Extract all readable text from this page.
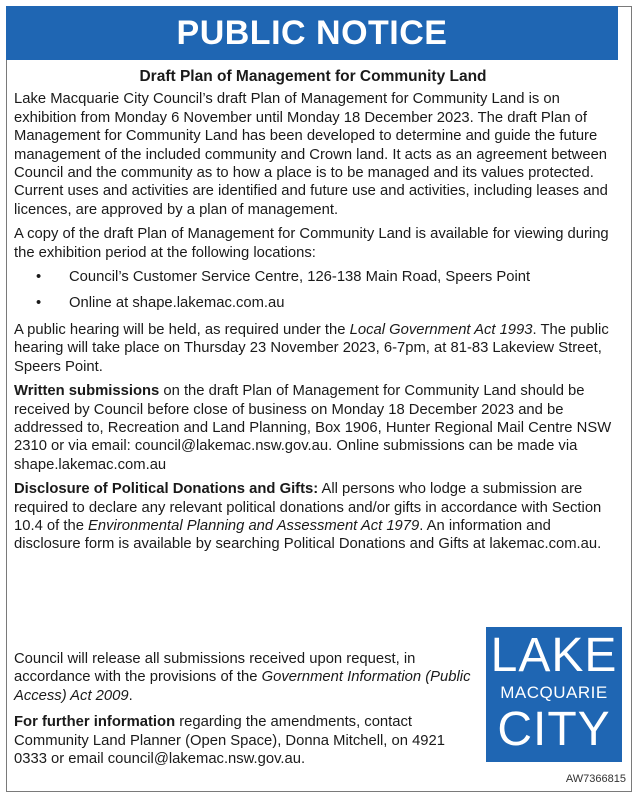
PUBLIC NOTICE
Draft Plan of Management for Community Land

Lake Macquarie City Council’s draft Plan of Management for Community Land is on exhibition from Monday 6 November until Monday 18 December 2023. The draft Plan of Management for Community Land has been developed to determine and guide the future management of the included community and Crown land. It acts as an agreement between Council and the community as to how a place is to be managed and its values protected. Current uses and activities are identified and future use and activities, including leases and licences, are approved by a plan of management.

A copy of the draft Plan of Management for Community Land is available for viewing during the exhibition period at the following locations:

• Council’s Customer Service Centre, 126-138 Main Road, Speers Point
• Online at shape.lakemac.com.au

A public hearing will be held, as required under the Local Government Act 1993. The public hearing will take place on Thursday 23 November 2023, 6-7pm, at 81-83 Lakeview Street, Speers Point.

Written submissions on the draft Plan of Management for Community Land should be received by Council before close of business on Monday 18 December 2023 and be addressed to, Recreation and Land Planning, Box 1906, Hunter Regional Mail Centre NSW 2310 or via email: council@lakemac.nsw.gov.au. Online submissions can be made via shape.lakemac.com.au

Disclosure of Political Donations and Gifts: All persons who lodge a submission are required to declare any relevant political donations and/or gifts in accordance with Section 10.4 of the Environmental Planning and Assessment Act 1979. An information and disclosure form is available by searching Political Donations and Gifts at lakemac.com.au.

Council will release all submissions received upon request, in accordance with the provisions of the Government Information (Public Access) Act 2009.

For further information regarding the amendments, contact Community Land Planner (Open Space), Donna Mitchell, on 4921 0333 or email council@lakemac.nsw.gov.au.

LAKE
MACQUARIE
CITY
AW7366815
